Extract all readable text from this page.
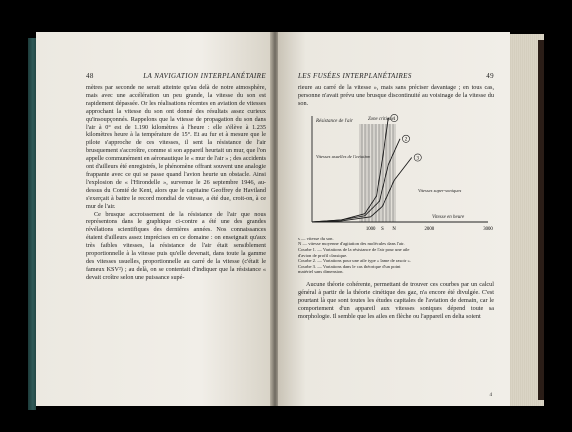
48	LA NAVIGATION INTERPLANÉTAIRE

mètres par seconde ne serait atteinte qu'au delà de notre atmosphère, mais avec une accélération un peu grande, la vitesse du son est rapidement dépassée. Or les réalisations récentes en aviation de vitesses approchant la vitesse du son ont donné des résultats assez curieux qu'insoupçonnés. Rappelons que la vitesse de propagation du son dans l'air à 0° est de 1.190 kilomètres à l'heure : elle s'élève à 1.235 kilomètres heure à la température de 15°. Et au fur et à mesure que le pilote s'approche de ces vitesses, il sent la résistance de l'air brusquement s'accroître, comme si son appareil heurtait un mur, que l'on appelle communément en aéronautique le « mur de l'air » ; des accidents ont d'ailleurs été enregistrés, le phénomène offrant souvent une analogie frappante avec ce qui se passe quand l'avion heurte un obstacle. Ainsi l'explosion de « l'Hirondelle », survenue le 26 septembre 1946, au-dessus du Comté de Kent, alors que le capitaine Geoffrey de Haviland s'exerçait à battre le record mondial de vitesse, a été due, croit-on, à ce mur de l'air.

Ce brusque accroissement de la résistance de l'air que nous représentons dans le graphique ci-contre a été une des grandes révélations scientifiques des dernières années. Nos connaissances étaient d'ailleurs assez imprécises en ce domaine : on enseignait qu'aux très faibles vitesses, la résistance de l'air était sensiblement proportionnelle à la vitesse puis qu'elle devenait, dans toute la gamme des vitesses usuelles, proportionnelle au carré de la vitesse (c'était le fameux KSV²) ; au delà, on se contentait d'indiquer que la résistance « devait croître selon une puissance supé-

LES FUSÉES INTERPLANÉTAIRES	49

rieure au carré de la vitesse », mais sans préciser davantage ; en tous cas, personne n'avait prévu une brusque discontinuité au voisinage de la vitesse du son.

1
2
3
1000 S N	2000	3000
Résistance de l'air
Vitesse en heure
Zone critique
Vitesses usuelles de l'aviation
Vitesses super-soniques
s — vitesse du son.
N — vitesse moyenne d'agitation des molécules dans l'air.
Courbe 1. — Variations de la résistance de l'air pour une aile
d'avion de profil classique.
Courbe 2. — Variations pour une aile type « lame de rasoir ».
Courbe 3. — Variations dans le cas théorique d'un point
matériel sans dimension.

Aucune théorie cohérente, permettant de trouver ces courbes par un calcul général à partir de la théorie cinétique des gaz, n'a encore été divulgée. C'est pourtant là que sont toutes les études capitales de l'aviation de demain, car le comportement d'un appareil aux vitesses soniques dépend toute sa morphologie. Il semble que les ailes en flèche ou l'appareil en delta soient

4
